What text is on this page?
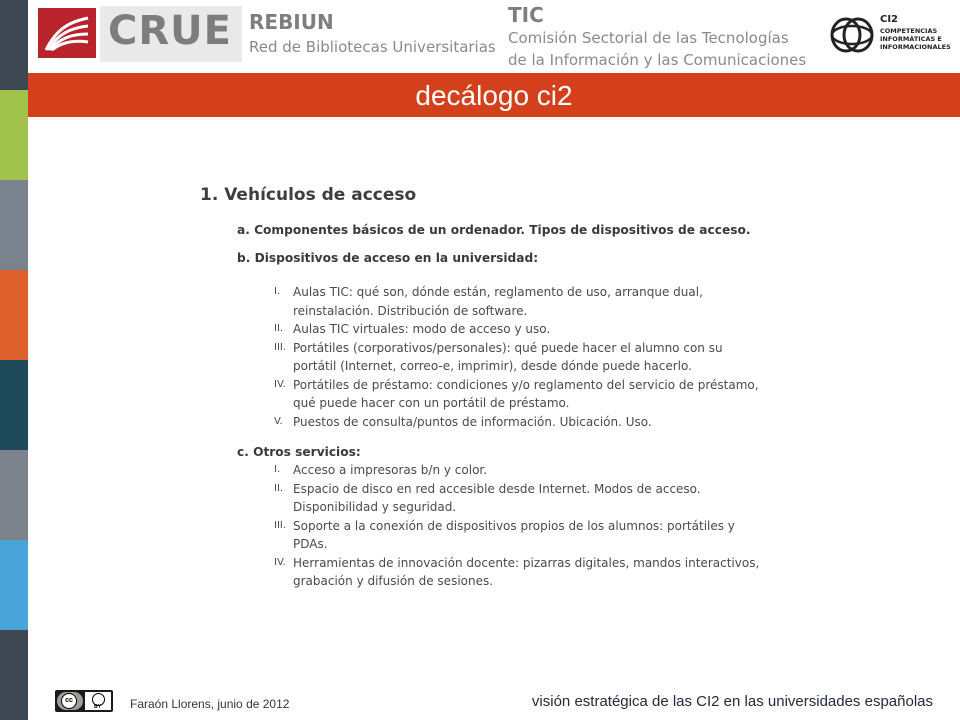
CRUE REBIUN
Red de Bibliotecas Universitarias
TIC
Comisión Sectorial de las Tecnologías
de la Información y las Comunicaciones
CI2
COMPETENCIAS INFORMÁTICAS E INFORMACIONALES
decálogo ci2
1. Vehículos de acceso
a. Componentes básicos de un ordenador. Tipos de dispositivos de acceso.
b. Dispositivos de acceso en la universidad:
I.	Aulas TIC: qué son, dónde están, reglamento de uso, arranque dual, reinstalación. Distribución de software.
II. Aulas TIC virtuales: modo de acceso y uso.
III. Portátiles (corporativos/personales): qué puede hacer el alumno con su portátil (Internet, correo-e, imprimir), desde dónde puede hacerlo.
IV. Portátiles de préstamo: condiciones y/o reglamento del servicio de préstamo, qué puede hacer con un portátil de préstamo.
V. Puestos de consulta/puntos de información. Ubicación. Uso.
c. Otros servicios:
I.	Acceso a impresoras b/n y color.
II. Espacio de disco en red accesible desde Internet. Modos de acceso. Disponibilidad y seguridad.
III. Soporte a la conexión de dispositivos propios de los alumnos: portátiles y PDAs.
IV. Herramientas de innovación docente: pizarras digitales, mandos interactivos, grabación y difusión de sesiones.
cc
BY Faraón Llorens, junio de 2012	visión estratégica de las CI2 en las universidades españolas
